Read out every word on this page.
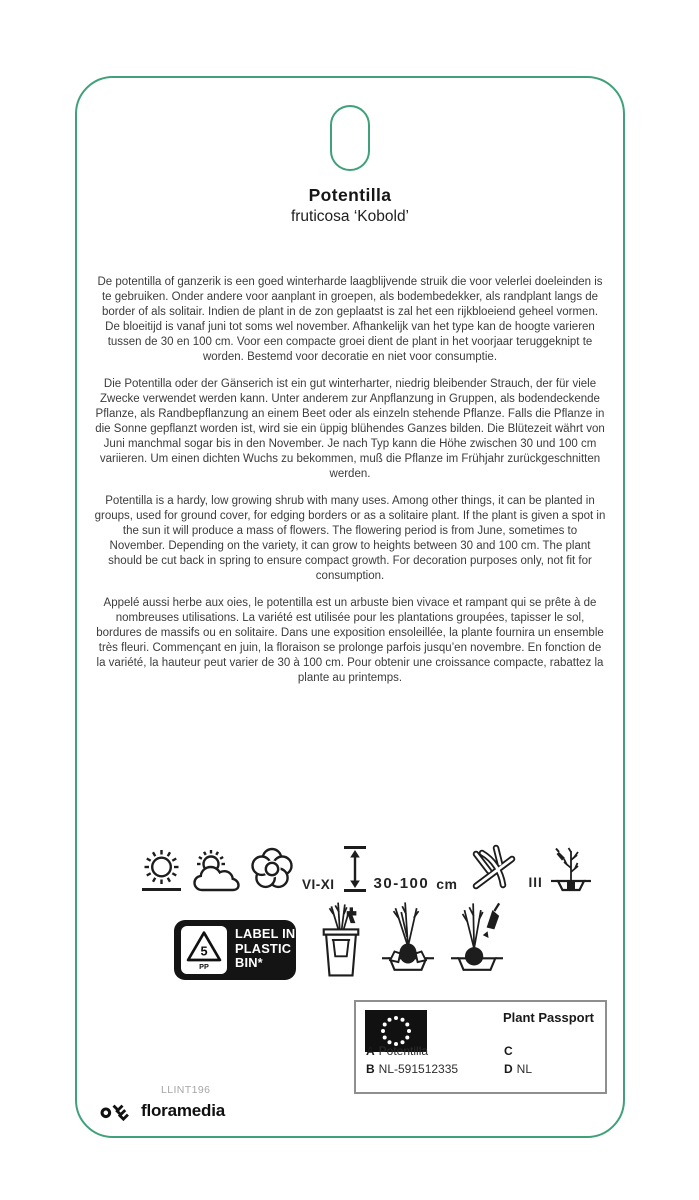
Potentilla
fruticosa ‘Kobold’

De potentilla of ganzerik is een goed winterharde laagblijvende struik die voor velerlei doeleinden is te gebruiken. Onder andere voor aanplant in groepen, als bodembedekker, als randplant langs de border of als solitair. Indien de plant in de zon geplaatst is zal het een rijkbloeiend geheel vormen. De bloeitijd is vanaf juni tot soms wel november. Afhankelijk van het type kan de hoogte varieren tussen de 30 en 100 cm. Voor een compacte groei dient de plant in het voorjaar teruggeknipt te worden. Bestemd voor decoratie en niet voor consumptie.

Die Potentilla oder der Gänserich ist ein gut winterharter, niedrig bleibender Strauch, der für viele Zwecke verwendet werden kann. Unter anderem zur Anpflanzung in Gruppen, als bodendeckende Pflanze, als Randbepflanzung an einem Beet oder als einzeln stehende Pflanze. Falls die Pflanze in die Sonne gepflanzt worden ist, wird sie ein üppig blühendes Ganzes bilden. Die Blütezeit währt von Juni manchmal sogar bis in den November. Je nach Typ kann die Höhe zwischen 30 und 100 cm variieren. Um einen dichten Wuchs zu bekommen, muß die Pflanze im Frühjahr zurückgeschnitten werden.

Potentilla is a hardy, low growing shrub with many uses. Among other things, it can be planted in groups, used for ground cover, for edging borders or as a solitaire plant. If the plant is given a spot in the sun it will produce a mass of flowers. The flowering period is from June, sometimes to November. Depending on the variety, it can grow to heights between 30 and 100 cm. The plant should be cut back in spring to ensure compact growth. For decoration purposes only, not fit for consumption.

Appelé aussi herbe aux oies, le potentilla est un arbuste bien vivace et rampant qui se prête à de nombreuses utilisations. La variété est utilisée pour les plantations groupées, tapisser le sol, bordures de massifs ou en solitaire. Dans une exposition ensoleillée, la plante fournira un ensemble très fleuri. Commençant en juin, la floraison se prolonge parfois jusqu’en novembre. En fonction de la variété, la hauteur peut varier de 30 à 100 cm. Pour obtenir une croissance compacte, rabattez la plante au printemps.

VI-XI	30-100 cm	III
5
PP
LABEL IN
PLASTIC
BIN*
Plant Passport
A Potentilla	C
B NL-591512335	D NL
LLINT196
floramedia
